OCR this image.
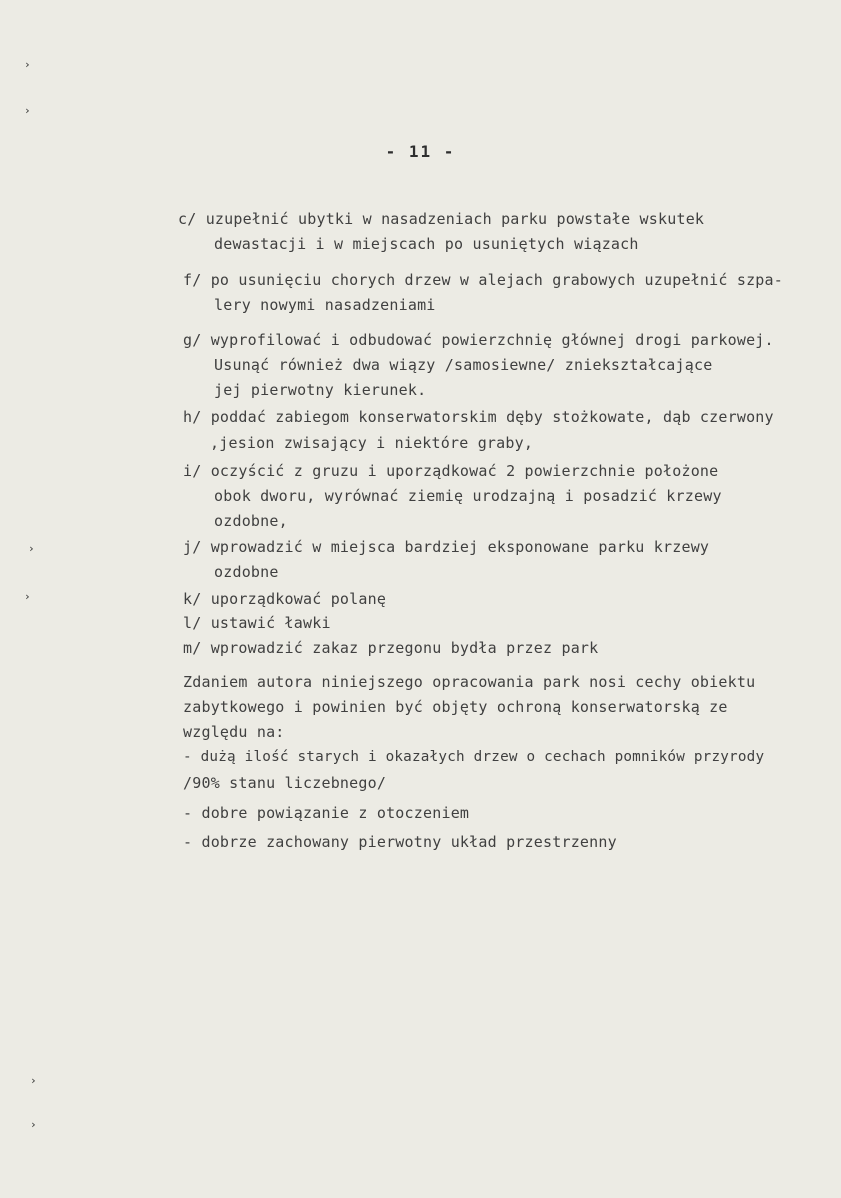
›
›
›
›
›
›
- 11 -
c/ uzupełnić ubytki w nasadzeniach parku powstałe wskutek
dewastacji i w miejscach po usuniętych wiązach
f/ po usunięciu chorych drzew w alejach grabowych uzupełnić szpa-
lery nowymi nasadzeniami
g/ wyprofilować i odbudować powierzchnię głównej drogi parkowej.
Usunąć również dwa wiązy /samosiewne/ zniekształcające
jej pierwotny kierunek.
h/ poddać zabiegom konserwatorskim dęby stożkowate, dąb czerwony
,jesion zwisający i niektóre graby,
i/ oczyścić z gruzu i uporządkować 2 powierzchnie położone
obok dworu, wyrównać ziemię urodzajną i posadzić krzewy
ozdobne,
j/ wprowadzić w miejsca bardziej eksponowane parku krzewy
ozdobne
k/ uporządkować polanę
l/ ustawić ławki
m/ wprowadzić zakaz przegonu bydła przez park
Zdaniem autora niniejszego opracowania park nosi cechy obiektu
zabytkowego i powinien być objęty ochroną konserwatorską ze
względu na:
- dużą ilość starych i okazałych drzew o cechach pomników przyrody
/90% stanu liczebnego/
- dobre powiązanie z otoczeniem
- dobrze zachowany pierwotny układ przestrzenny
